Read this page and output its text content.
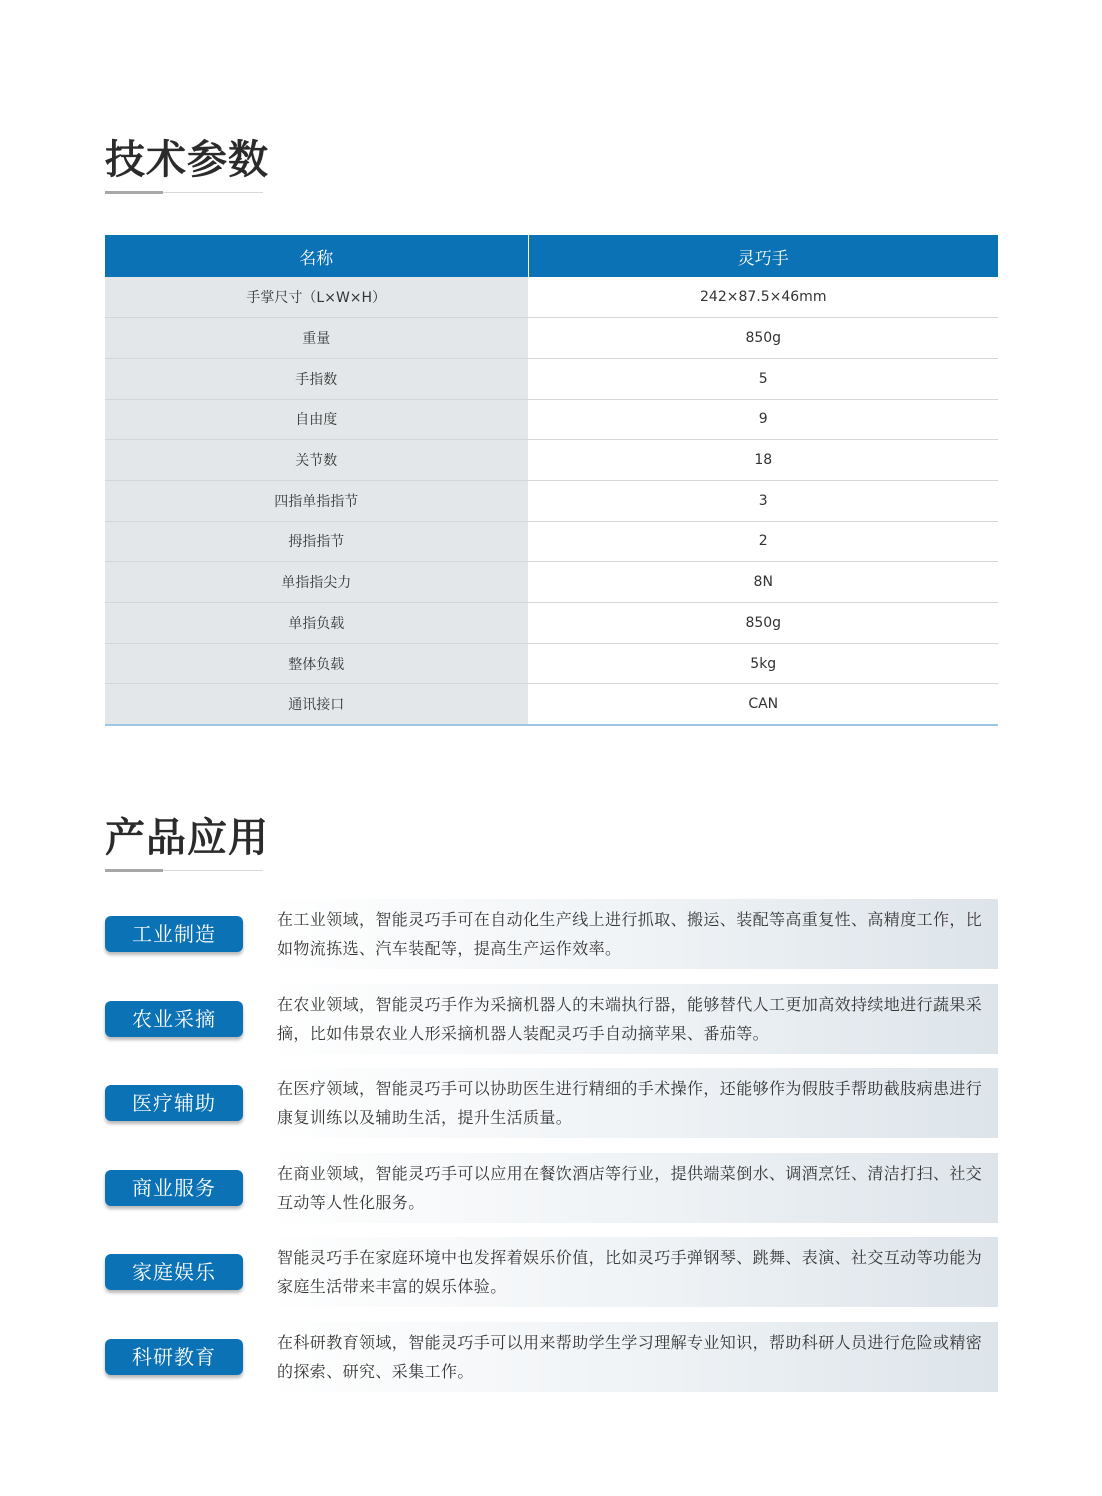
技术参数
名称	灵巧手
手掌尺寸（L×W×H）	242×87.5×46mm
重量	850g
手指数	5
自由度	9
关节数	18
四指单指指节	3
拇指指节	2
单指指尖力	8N
单指负载	850g
整体负载	5kg
通讯接口	CAN
产品应用
工业制造
在工业领域，智能灵巧手可在自动化生产线上进行抓取、搬运、装配等高重复性、高精度工作，比如物流拣选、汽车装配等，提高生产运作效率。
农业采摘
在农业领域，智能灵巧手作为采摘机器人的末端执行器，能够替代人工更加高效持续地进行蔬果采摘，比如伟景农业人形采摘机器人装配灵巧手自动摘苹果、番茄等。
医疗辅助
在医疗领域，智能灵巧手可以协助医生进行精细的手术操作，还能够作为假肢手帮助截肢病患进行康复训练以及辅助生活，提升生活质量。
商业服务
在商业领域，智能灵巧手可以应用在餐饮酒店等行业，提供端菜倒水、调酒烹饪、清洁打扫、社交互动等人性化服务。
家庭娱乐
智能灵巧手在家庭环境中也发挥着娱乐价值，比如灵巧手弹钢琴、跳舞、表演、社交互动等功能为家庭生活带来丰富的娱乐体验。
科研教育
在科研教育领域，智能灵巧手可以用来帮助学生学习理解专业知识，帮助科研人员进行危险或精密的探索、研究、采集工作。
